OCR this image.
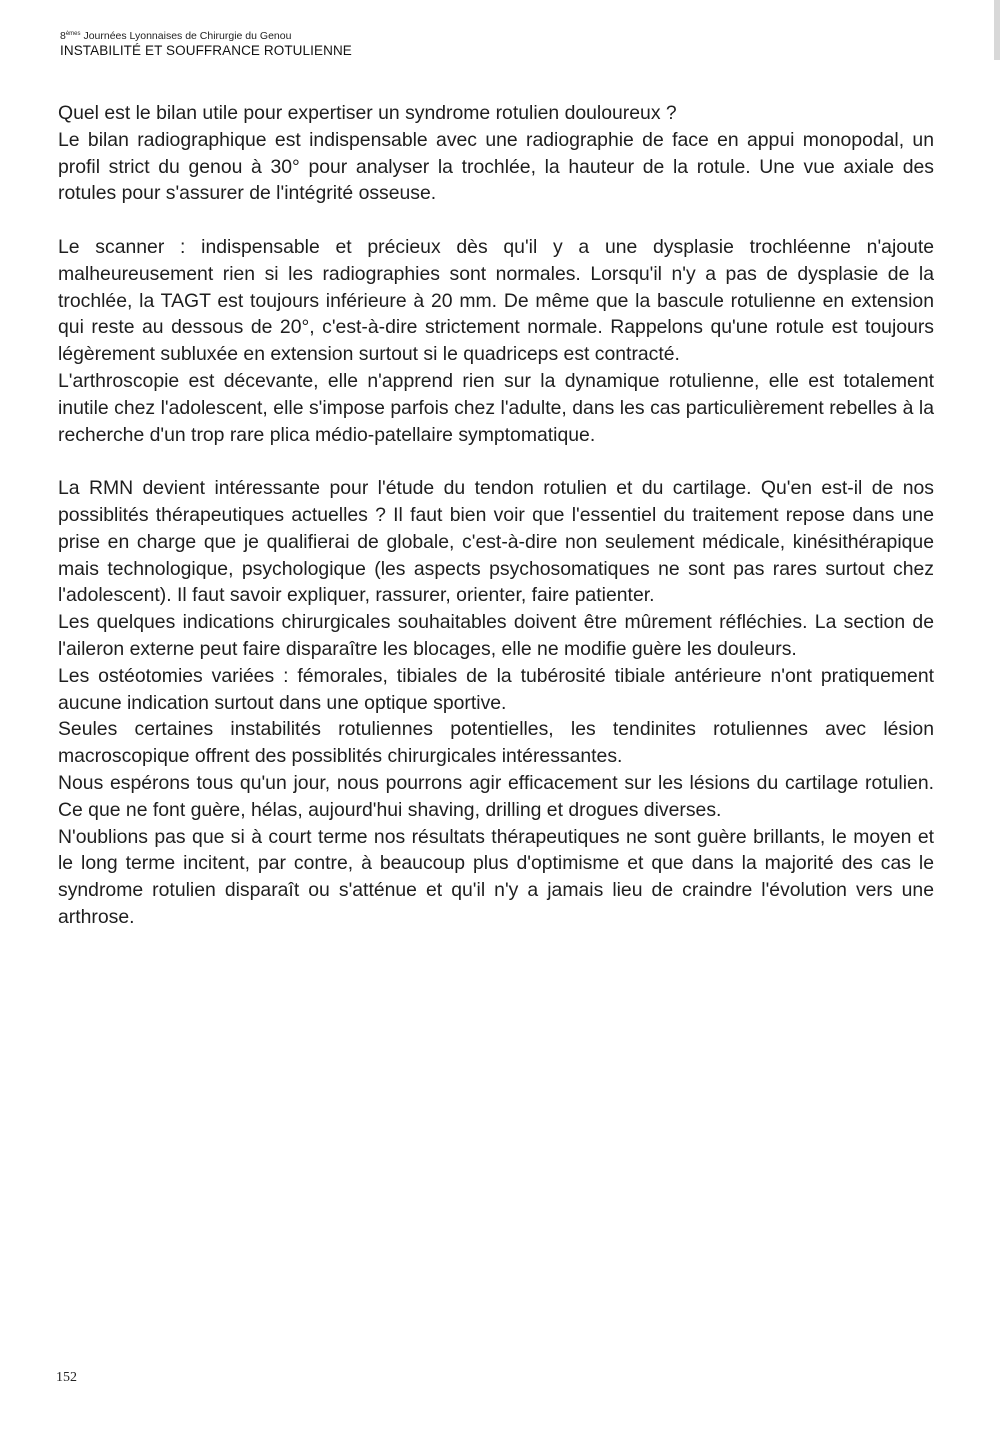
8èmes Journées Lyonnaises de Chirurgie du Genou

INSTABILITÉ ET SOUFFRANCE ROTULIENNE

Quel est le bilan utile pour expertiser un syndrome rotulien douloureux ?

Le bilan radiographique est indispensable avec une radiographie de face en appui monopodal, un profil strict du genou à 30° pour analyser la trochlée, la hauteur de la rotule. Une vue axiale des rotules pour s'assurer de l'intégrité osseuse.

Le scanner : indispensable et précieux dès qu'il y a une dysplasie trochléenne n'ajoute malheureusement rien si les radiographies sont normales. Lorsqu'il n'y a pas de dysplasie de la trochlée, la TAGT est toujours inférieure à 20 mm. De même que la bascule rotulienne en extension qui reste au dessous de 20°, c'est-à-dire strictement normale. Rappelons qu'une rotule est toujours légèrement subluxée en extension surtout si le quadriceps est contracté.

L'arthroscopie est décevante, elle n'apprend rien sur la dynamique rotulienne, elle est totalement inutile chez l'adolescent, elle s'impose parfois chez l'adulte, dans les cas particulièrement rebelles à la recherche d'un trop rare plica médio-patellaire symptomatique.

La RMN devient intéressante pour l'étude du tendon rotulien et du cartilage. Qu'en est-il de nos possiblités thérapeutiques actuelles ? Il faut bien voir que l'essentiel du traitement repose dans une prise en charge que je qualifierai de globale, c'est-à-dire non seulement médicale, kinésithérapique mais technologique, psychologique (les aspects psychosomatiques ne sont pas rares surtout chez l'adolescent). Il faut savoir expliquer, rassurer, orienter, faire patienter.

Les quelques indications chirurgicales souhaitables doivent être mûrement réfléchies. La section de l'aileron externe peut faire disparaître les blocages, elle ne modifie guère les douleurs.

Les ostéotomies variées : fémorales, tibiales de la tubérosité tibiale antérieure n'ont pratiquement aucune indication surtout dans une optique sportive.

Seules certaines instabilités rotuliennes potentielles, les tendinites rotuliennes avec lésion macroscopique offrent des possiblités chirurgicales intéressantes.

Nous espérons tous qu'un jour, nous pourrons agir efficacement sur les lésions du cartilage rotulien. Ce que ne font guère, hélas, aujourd'hui shaving, drilling et drogues diverses.

N'oublions pas que si à court terme nos résultats thérapeutiques ne sont guère brillants, le moyen et le long terme incitent, par contre, à beaucoup plus d'optimisme et que dans la majorité des cas le syndrome rotulien disparaît ou s'atténue et qu'il n'y a jamais lieu de craindre l'évolution vers une arthrose.

152
